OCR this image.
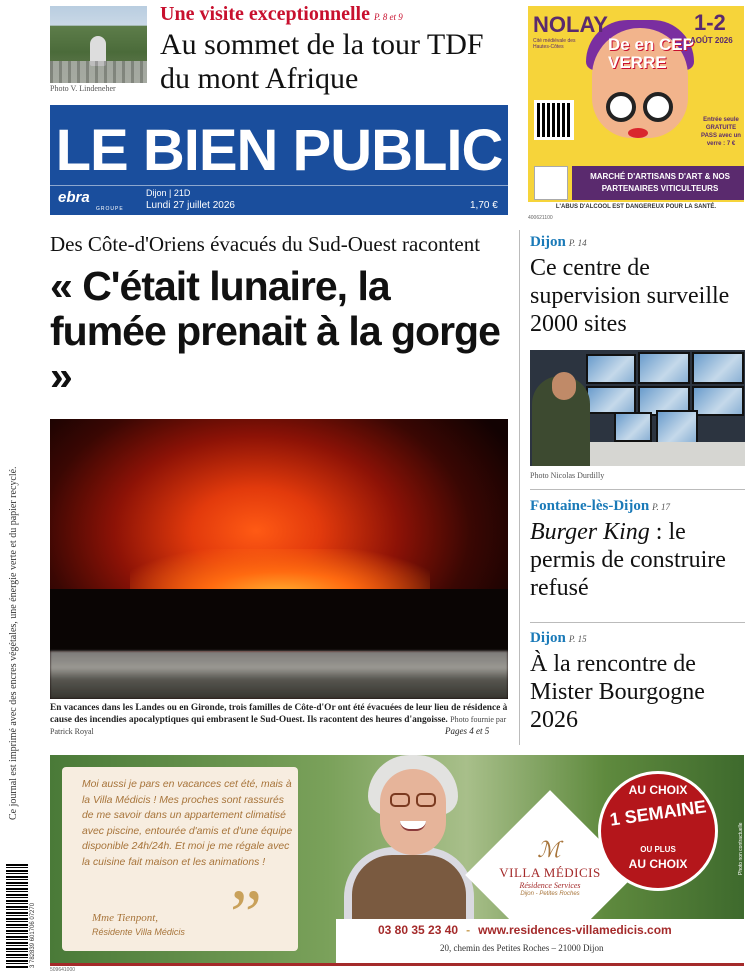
Photo V. Lindeneher
Une visite exceptionnelle P. 8 et 9
Au sommet de la tour TDF du mont Afrique
LE BIEN PUBLIC
ebra
GROUPE
Dijon | 21D
Lundi 27 juillet 2026	1,70 €
De en CEP VERRE
NOLAY
Cité médiévale des Hautes-Côtes
1-2
AOÛT 2026
Entrée seule GRATUITE PASS avec un verre : 7 €
MARCHÉ D'ARTISANS D'ART & NOS PARTENAIRES VITICULTEURS
L'ABUS D'ALCOOL EST DANGEREUX POUR LA SANTÉ.
400621100
Des Côte-d'Oriens évacués du Sud-Ouest racontent
« C'était lunaire, la fumée prenait à la gorge »
En vacances dans les Landes ou en Gironde, trois familles de Côte-d'Or ont été évacuées de leur lieu de résidence à cause des incendies apocalyptiques qui embrasent le Sud-Ouest. Ils racontent des heures d'angoisse. Photo fournie par Patrick Royal	Pages 4 et 5
Dijon P. 14
Ce centre de supervision surveille 2000 sites
Photo Nicolas Durdilly
Fontaine-lès-Dijon P. 17
Burger King : le permis de construire refusé
Dijon P. 15
À la rencontre de Mister Bourgogne 2026
Ce journal est imprimé avec des encres végétales, une énergie verte et du papier recyclé.
3 782839 601706 07270
Moi aussi je pars en vacances cet été, mais à la Villa Médicis ! Mes proches sont rassurés de me savoir dans un appartement climatisé avec piscine, entourée d'amis et d'une équipe disponible 24h/24h. Et moi je me régale avec la cuisine fait maison et les animations !
”
Mme Tienpont,
Résidente Villa Médicis
ℳ
VILLA MÉDICIS
Résidence Services
Dijon - Petites Roches
03 80 35 23 40 - www.residences-villamedicis.com
20, chemin des Petites Roches – 21000 Dijon
AU CHOIX
1 SEMAINE
OU PLUS
AU CHOIX	Photo non contractuelle
509641000
